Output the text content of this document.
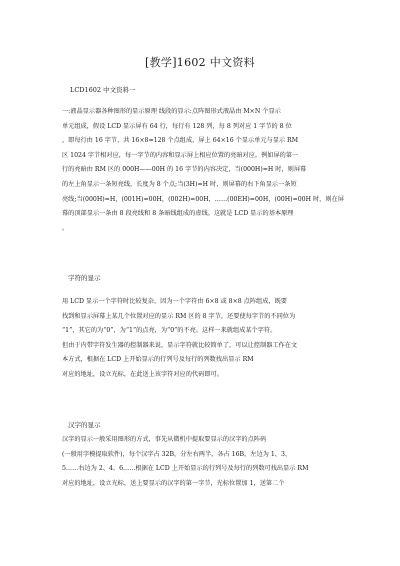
[教学]1602 中文资料
LCD1602 中文资料一
一:液晶显示器各种图形的显示原理 线段的显示:点阵图形式液晶由 M×N 个显示
单元组成，假设 LCD 显示屏有 64 行，每行有 128 列，每 8 列对应 1 字节的 8 位
，即每行由 16 字节，共 16×8=128 个点组成，屏上 64×16 个显示单元与显示 RM
区 1024 字节相对应，每一字节的内容和显示屏上相应位置的亮暗对应。例如屏的第一
行的亮暗由 RM 区的 000H——00H 的 16 字节的内容决定，当(000H)=H 时，则屏幕
的左上角显示一条短亮线，长度为 8 个点;当(3H)=H 时，则屏幕的右下角显示一条短
亮线;当(000H)=H，(001H)=00H，(002H)=00H，……(00EH)=00H，(00H)=00H 时，则在屏
幕的顶部显示一条由 8 段亮线和 8 条暗线组成的虚线。这就是 LCD 显示的基本原理
。
字符的显示
用 LCD 显示一个字符时比较复杂，因为一个字符由 6×8 或 8×8 点阵组成，既要
找到和显示屏幕上某几个位置对应的显示 RM 区的 8 字节，还要使每字节的不同位为
“1”，其它的为“0”，为“1”的点亮，为“0”的不亮。这样一来就组成某个字符。
但由于内带字符发生器的控制器来说，显示字符就比较简单了，可以让控制器工作在文
本方式，根据在 LCD 上开始显示的行列号及每行的列数找出显示 RM
对应的地址，设立光标，在此送上该字符对应的代码即可。
汉字的显示
汉字的显示一般采用图形的方式，事先从微机中提取要显示的汉字的点阵码
(一般用字模提取软件)，每个汉字占 32B，分左右两半，各占 16B，左边为 1、3、
5……右边为 2、4、6……根据在 LCD 上开始显示的行列号及每行的列数可找出显示 RM
对应的地址，设立光标，送上要显示的汉字的第一字节，光标位置加 1，送第二个
